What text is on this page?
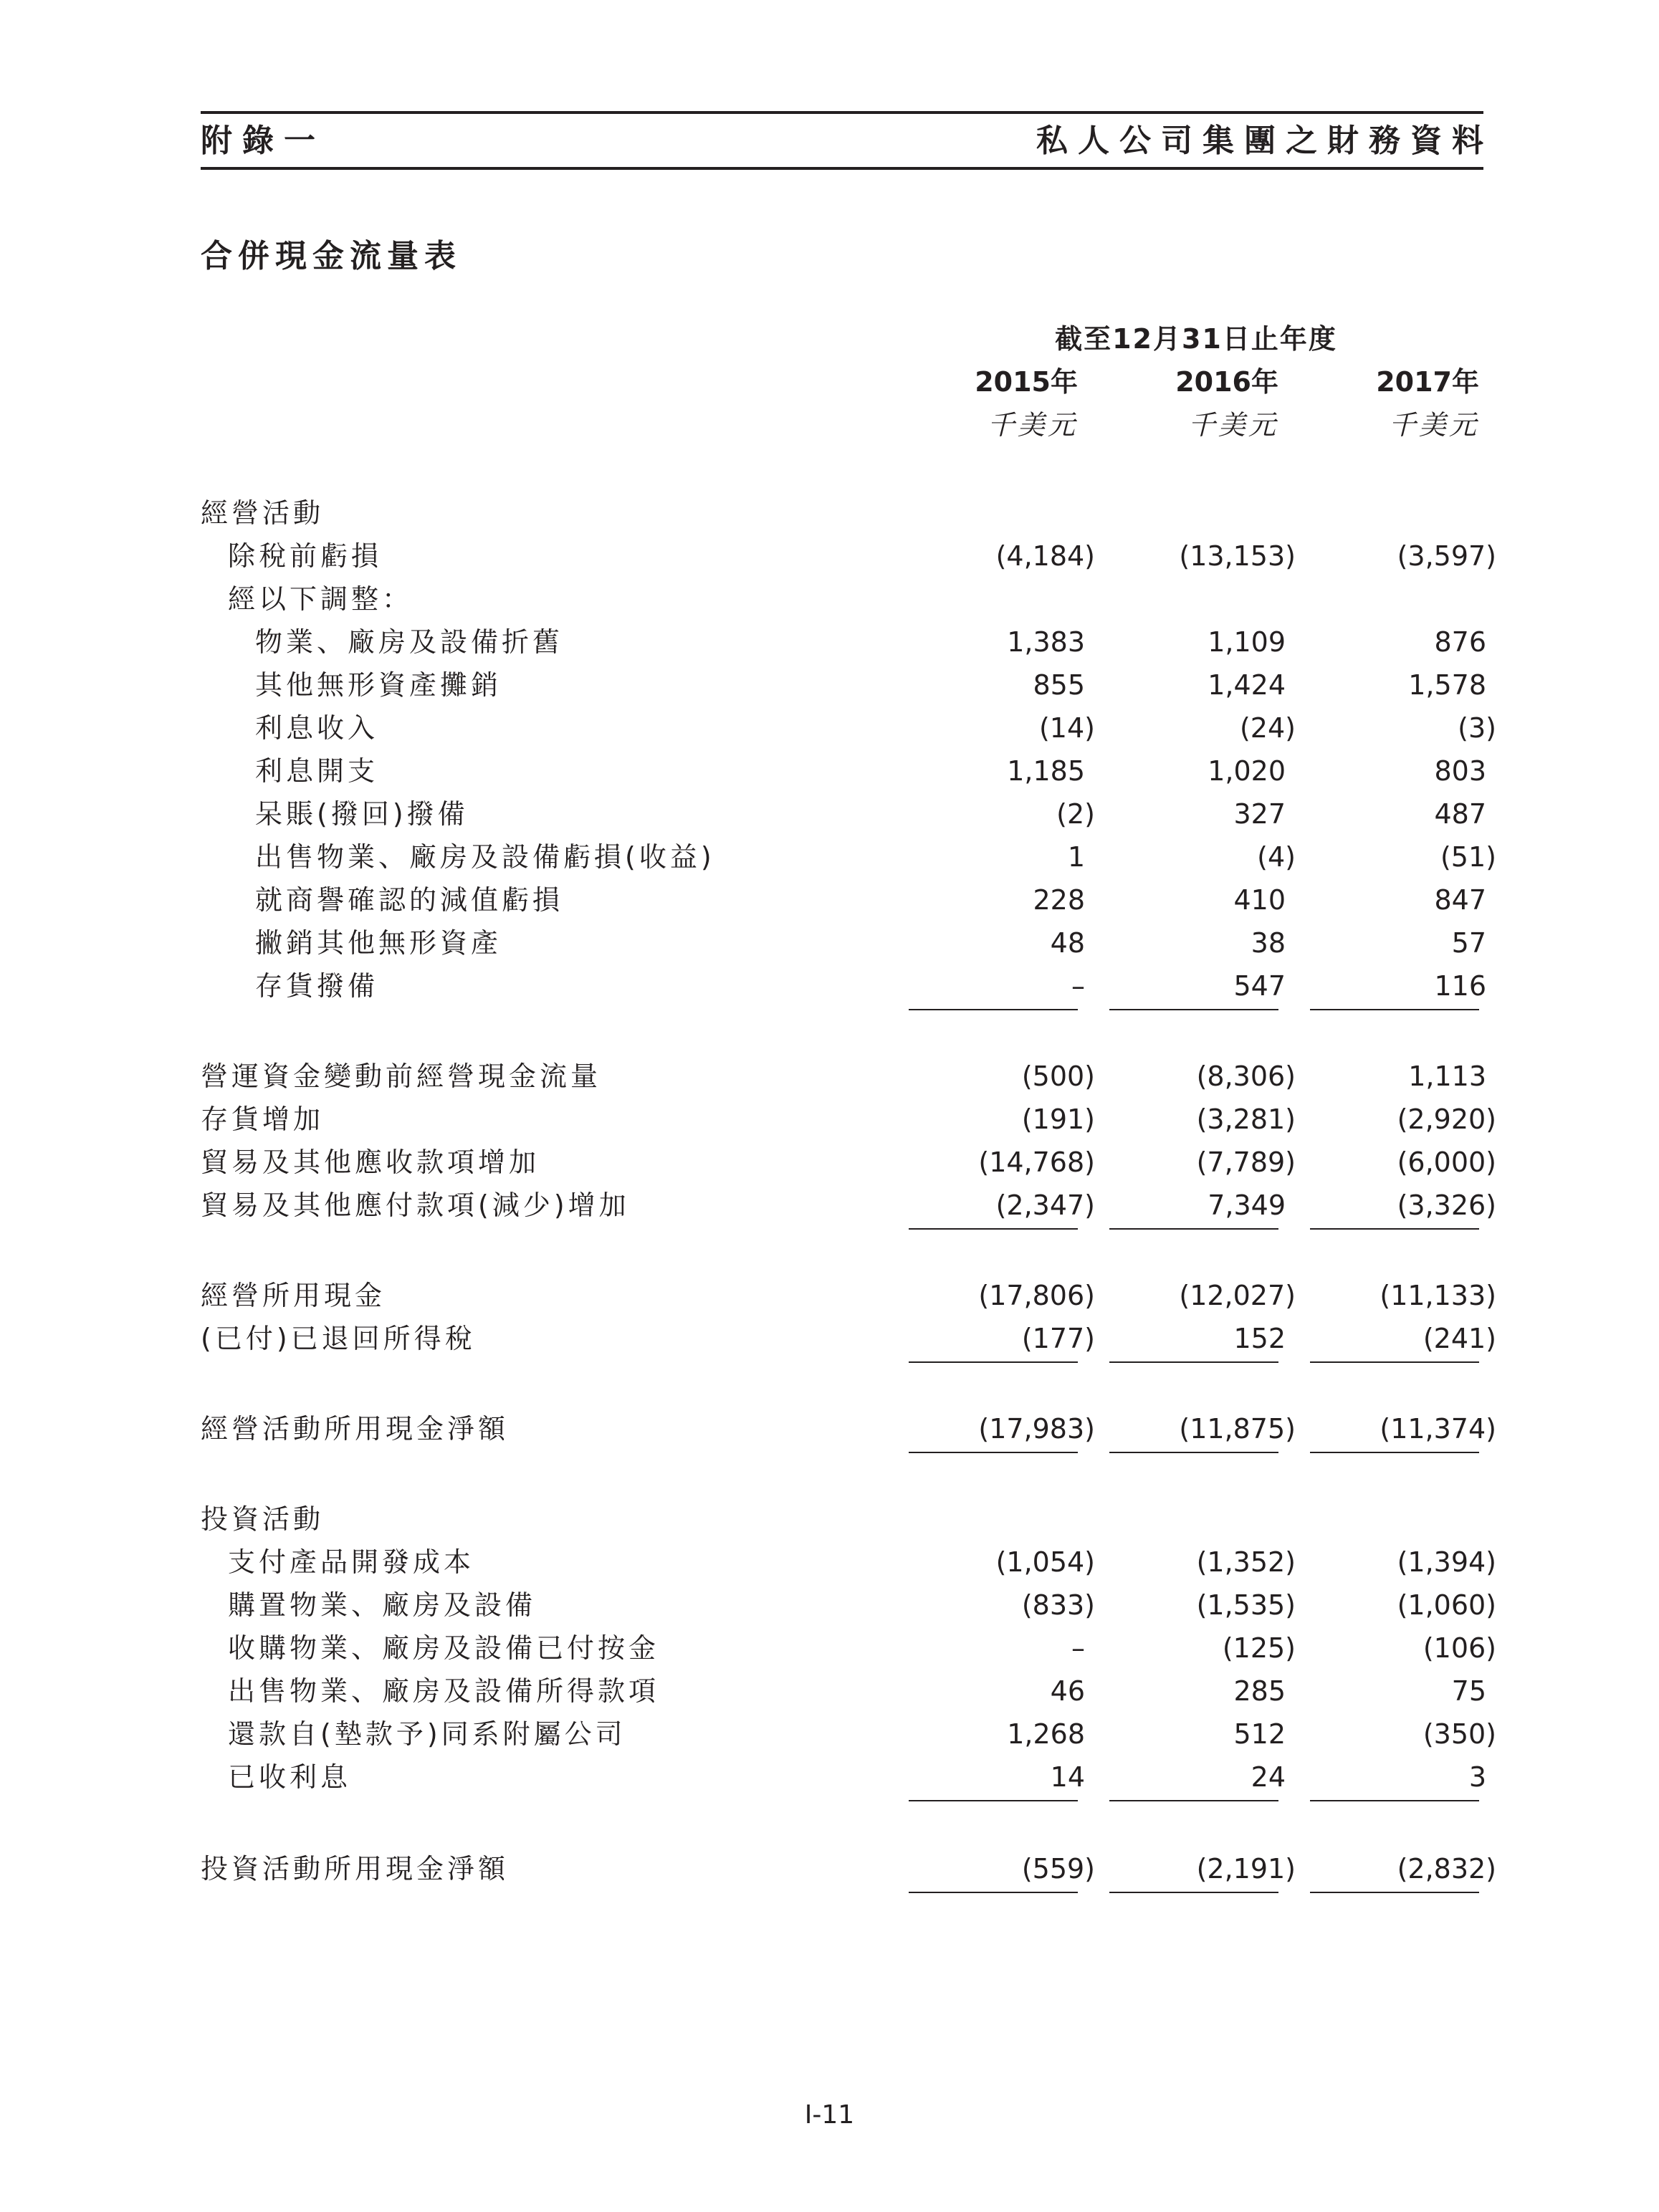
附錄一	私人公司集團之財務資料
合併現金流量表
截至12月31日止年度
2015年	2016年	2017年
千美元	千美元	千美元
經營活動
除稅前虧損	(4,184)	(13,153)	(3,597)
經以下調整：
物業、廠房及設備折舊	1,383	1,109	876
其他無形資產攤銷	855	1,424	1,578
利息收入	(14)	(24)	(3)
利息開支	1,185	1,020	803
呆賬(撥回)撥備	(2)	327	487
出售物業、廠房及設備虧損(收益)	1	(4)	(51)
就商譽確認的減值虧損	228	410	847
撇銷其他無形資產	48	38	57
存貨撥備	–	547	116
營運資金變動前經營現金流量	(500)	(8,306)	1,113
存貨增加	(191)	(3,281)	(2,920)
貿易及其他應收款項增加	(14,768)	(7,789)	(6,000)
貿易及其他應付款項(減少)增加	(2,347)	7,349	(3,326)
經營所用現金	(17,806)	(12,027)	(11,133)
(已付)已退回所得稅	(177)	152	(241)
經營活動所用現金淨額	(17,983)	(11,875)	(11,374)
投資活動
支付產品開發成本	(1,054)	(1,352)	(1,394)
購置物業、廠房及設備	(833)	(1,535)	(1,060)
收購物業、廠房及設備已付按金	–	(125)	(106)
出售物業、廠房及設備所得款項	46	285	75
還款自(墊款予)同系附屬公司	1,268	512	(350)
已收利息	14	24	3
投資活動所用現金淨額	(559)	(2,191)	(2,832)
I-11
